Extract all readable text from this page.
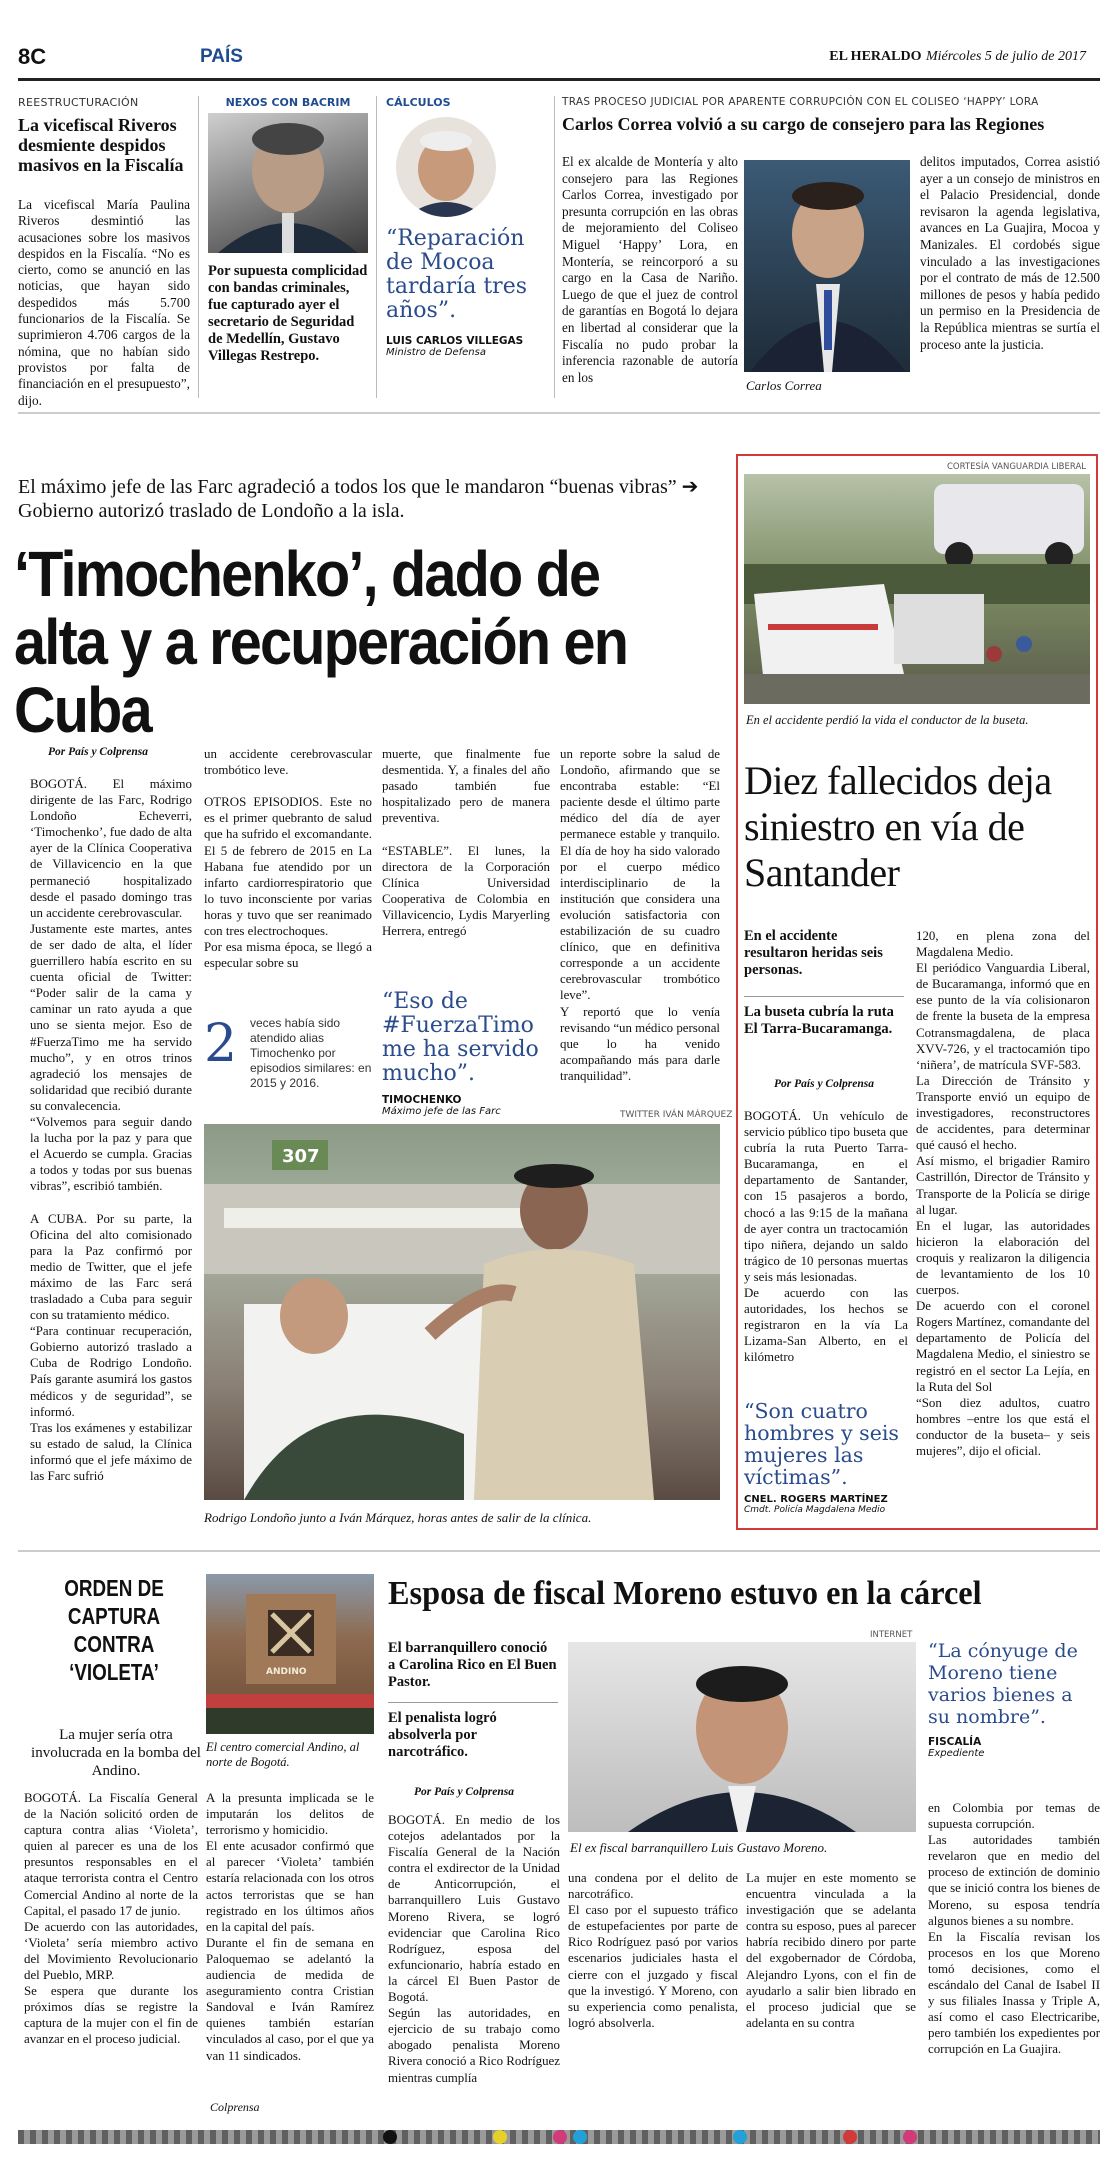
8C	PAÍS	EL HERALDO Miércoles 5 de julio de 2017
REESTRUCTURACIÓN
La vicefiscal Riveros desmiente despidos masivos en la Fiscalía
La vicefiscal María Paulina Riveros desmintió las acusaciones sobre los masivos despidos en la Fiscalía. “No es cierto, como se anunció en las noticias, que hayan sido despedidos más 5.700 funcionarios de la Fiscalía. Se suprimieron 4.706 cargos de la nómina, que no habían sido provistos por falta de financiación en el presupuesto”, dijo.
NEXOS CON BACRIM
Por supuesta complicidad con bandas criminales, fue capturado ayer el secretario de Seguridad de Medellín, Gustavo Villegas Restrepo.
CÁLCULOS
“Reparación de Mocoa tardaría tres años”.
LUIS CARLOS VILLEGAS
Ministro de Defensa
TRAS PROCESO JUDICIAL POR APARENTE CORRUPCIÓN CON EL COLISEO ‘HAPPY’ LORA
Carlos Correa volvió a su cargo de consejero para las Regiones
El ex alcalde de Montería y alto consejero para las Regiones Carlos Correa, investigado por presunta corrupción en las obras de mejoramiento del Coliseo Miguel ‘Happy’ Lora, en Montería, se reincorporó a su cargo en la Casa de Nariño. Luego de que el juez de control de garantías en Bogotá lo dejara en libertad al considerar que la Fiscalía no pudo probar la inferencia razonable de autoría en los
Carlos Correa
delitos imputados, Correa asistió ayer a un consejo de ministros en el Palacio Presidencial, donde revisaron la agenda legislativa, avances en La Guajira, Mocoa y Manizales. El cordobés sigue vinculado a las investigaciones por el contrato de más de 12.500 millones de pesos y había pedido un permiso en la Presidencia de la República mientras se surtía el proceso ante la justicia.
El máximo jefe de las Farc agradeció a todos los que le mandaron “buenas vibras” ➔ Gobierno autorizó traslado de Londoño a la isla.
‘Timochenko’, dado de alta y a recuperación en Cuba
Por País y Colprensa
BOGOTÁ. El máximo dirigente de las Farc, Rodrigo Londoño Echeverri, ‘Timochenko’, fue dado de alta ayer de la Clínica Cooperativa de Villavicencio en la que permaneció hospitalizado desde el pasado domingo tras un accidente cerebrovascular.
Justamente este martes, antes de ser dado de alta, el líder guerrillero había escrito en su cuenta oficial de Twitter: “Poder salir de la cama y caminar un rato ayuda a que uno se sienta mejor. Eso de #FuerzaTimo me ha servido mucho”, y en otros trinos agradeció los mensajes de solidaridad que recibió durante su convalecencia.
“Volvemos para seguir dando la lucha por la paz y para que el Acuerdo se cumpla. Gracias a todos y todas por sus buenas vibras”, escribió también.

A CUBA. Por su parte, la Oficina del alto comisionado para la Paz confirmó por medio de Twitter, que el jefe máximo de las Farc será trasladado a Cuba para seguir con su tratamiento médico.
“Para continuar recuperación, Gobierno autorizó traslado a Cuba de Rodrigo Londoño. País garante asumirá los gastos médicos y de seguridad”, se informó.
Tras los exámenes y estabilizar su estado de salud, la Clínica informó que el jefe máximo de las Farc sufrió
un accidente cerebrovascular trombótico leve.

OTROS EPISODIOS. Este no es el primer quebranto de salud que ha sufrido el excomandante. El 5 de febrero de 2015 en La Habana fue atendido por un infarto cardiorrespiratorio que lo tuvo inconsciente por varias horas y tuvo que ser reanimado con tres electrochoques.
Por esa misma época, se llegó a especular sobre su
muerte, que finalmente fue desmentida. Y, a finales del año pasado también fue hospitalizado pero de manera preventiva.

“ESTABLE”. El lunes, la directora de la Corporación Clínica Universidad Cooperativa de Colombia en Villavicencio, Lydis Maryerling Herrera, entregó
un reporte sobre la salud de Londoño, afirmando que se encontraba estable: “El paciente desde el último parte médico del día de ayer permanece estable y tranquilo. El día de hoy ha sido valorado por el cuerpo médico interdisciplinario de la institución que considera una evolución satisfactoria con estabilización de su cuadro clínico, que en definitiva corresponde a un accidente cerebrovascular trombótico leve”.
Y reportó que lo venía revisando “un médico personal que lo ha venido acompañando más para darle tranquilidad”.
2 veces había sido atendido alias Timochenko por episodios similares: en 2015 y 2016.
“Eso de #FuerzaTimo me ha servido mucho”.
TIMOCHENKO
Máximo jefe de las Farc	TWITTER IVÁN MÁRQUEZ
307
Rodrigo Londoño junto a Iván Márquez, horas antes de salir de la clínica.
CORTESÍA VANGUARDIA LIBERAL
En el accidente perdió la vida el conductor de la buseta.
Diez fallecidos deja siniestro en vía de Santander
En el accidente resultaron heridas seis personas.
La buseta cubría la ruta El Tarra-Bucaramanga.
Por País y Colprensa
BOGOTÁ. Un vehículo de servicio público tipo buseta que cubría la ruta Puerto Tarra-Bucaramanga, en el departamento de Santander, con 15 pasajeros a bordo, chocó a las 9:15 de la mañana de ayer contra un tractocamión tipo niñera, dejando un saldo trágico de 10 personas muertas y seis más lesionadas.
De acuerdo con las autoridades, los hechos se registraron en la vía La Lizama-San Alberto, en el kilómetro
“Son cuatro hombres y seis mujeres las víctimas”.
CNEL. ROGERS MARTÍNEZ
Cmdt. Policía Magdalena Medio
120, en plena zona del Magdalena Medio.
El periódico Vanguardia Liberal, de Bucaramanga, informó que en ese punto de la vía colisionaron de frente la buseta de la empresa Cotransmagdalena, de placa XVV-726, y el tractocamión tipo ‘niñera’, de matrícula SVF-583.
La Dirección de Tránsito y Transporte envió un equipo de investigadores, reconstructores de accidentes, para determinar qué causó el hecho.
Así mismo, el brigadier Ramiro Castrillón, Director de Tránsito y Transporte de la Policía se dirige al lugar.
En el lugar, las autoridades hicieron la elaboración del croquis y realizaron la diligencia de levantamiento de los 10 cuerpos.
De acuerdo con el coronel Rogers Martínez, comandante del departamento de Policía del Magdalena Medio, el siniestro se registró en el sector La Lejía, en la Ruta del Sol
“Son diez adultos, cuatro hombres –entre los que está el conductor de la buseta– y seis mujeres”, dijo el oficial.
ORDEN DE CAPTURA CONTRA ‘VIOLETA’
La mujer sería otra involucrada en la bomba del Andino.
BOGOTÁ. La Fiscalía General de la Nación solicitó orden de captura contra alias ‘Violeta’, quien al parecer es una de los presuntos responsables en el ataque terrorista contra el Centro Comercial Andino al norte de la Capital, el pasado 17 de junio.
De acuerdo con las autoridades, ‘Violeta’ sería miembro activo del Movimiento Revolucionario del Pueblo, MRP.
Se espera que durante los próximos días se registre la captura de la mujer con el fin de avanzar en el proceso judicial.
ANDINO
El centro comercial Andino, al norte de Bogotá.
A la presunta implicada se le imputarán los delitos de terrorismo y homicidio.
El ente acusador confirmó que al parecer ‘Violeta’ también estaría relacionada con los otros actos terroristas que se han registrado en los últimos años en la capital del país.
Durante el fin de semana en Paloquemao se adelantó la audiencia de medida de aseguramiento contra Cristian Sandoval e Iván Ramírez quienes también estarían vinculados al caso, por el que ya van 11 sindicados.
Colprensa
Esposa de fiscal Moreno estuvo en la cárcel
El barranquillero conoció a Carolina Rico en El Buen Pastor.
El penalista logró absolverla por narcotráfico.
Por País y Colprensa
BOGOTÁ. En medio de los cotejos adelantados por la Fiscalía General de la Nación contra el exdirector de la Unidad de Anticorrupción, el barranquillero Luis Gustavo Moreno Rivera, se logró evidenciar que Carolina Rico Rodríguez, esposa del exfuncionario, habría estado en la cárcel El Buen Pastor de Bogotá.
Según las autoridades, en ejercicio de su trabajo como abogado penalista Moreno Rivera conoció a Rico Rodríguez mientras cumplía
INTERNET
El ex fiscal barranquillero Luis Gustavo Moreno.
una condena por el delito de narcotráfico.
El caso por el supuesto tráfico de estupefacientes por parte de Rico Rodríguez pasó por varios escenarios judiciales hasta el cierre con el juzgado y fiscal que la investigó. Y Moreno, con su experiencia como penalista, logró absolverla.
La mujer en este momento se encuentra vinculada a la investigación que se adelanta contra su esposo, pues al parecer habría recibido dinero por parte del exgobernador de Córdoba, Alejandro Lyons, con el fin de ayudarlo a salir bien librado en el proceso judicial que se adelanta en su contra
“La cónyuge de Moreno tiene varios bienes a su nombre”.
FISCALÍA
Expediente
en Colombia por temas de supuesta corrupción.
Las autoridades también revelaron que en medio del proceso de extinción de dominio que se inició contra los bienes de Moreno, su esposa tendría algunos bienes a su nombre.
En la Fiscalía revisan los procesos en los que Moreno tomó decisiones, como el escándalo del Canal de Isabel II y sus filiales Inassa y Triple A, así como el caso Electricaribe, pero también los expedientes por corrupción en La Guajira.
